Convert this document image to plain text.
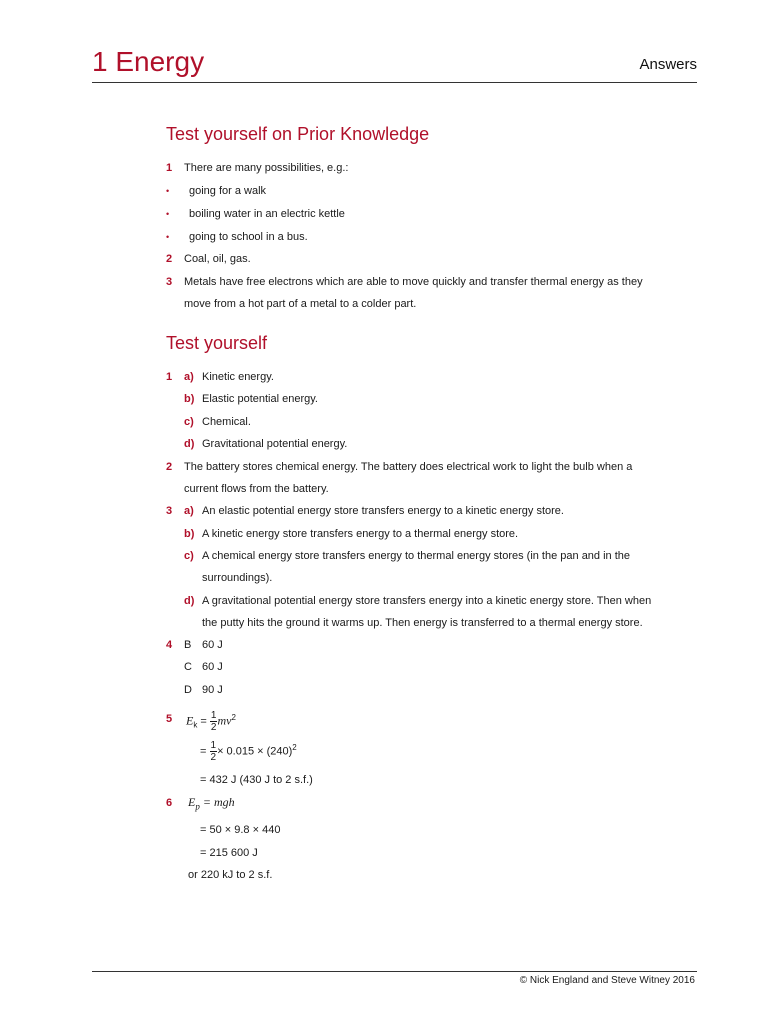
1 Energy	Answers
Test yourself on Prior Knowledge
1 There are many possibilities, e.g.:
• going for a walk
• boiling water in an electric kettle
• going to school in a bus.
2 Coal, oil, gas.
3 Metals have free electrons which are able to move quickly and transfer thermal energy as they
move from a hot part of a metal to a colder part.
Test yourself
1 a) Kinetic energy.
b) Elastic potential energy.
c) Chemical.
d) Gravitational potential energy.
2 The battery stores chemical energy. The battery does electrical work to light the bulb when a
current flows from the battery.
3 a) An elastic potential energy store transfers energy to a kinetic energy store.
b) A kinetic energy store transfers energy to a thermal energy store.
c) A chemical energy store transfers energy to thermal energy stores (in the pan and in the
surroundings).
d) A gravitational potential energy store transfers energy into a kinetic energy store. Then when
the putty hits the ground it warms up. Then energy is transferred to a thermal energy store.
4 B 60 J
C 60 J
D 90 J
5 $E_k = \frac{1}{2} mv^2$
= $\frac{1}{2} \times 0.015 \times (240)^2$
= 432 J (430 J to 2 s.f.)
6 $E_p$ = mgh
= 50 × 9.8 × 440
= 215 600 J
or 220 kJ to 2 s.f.
© Nick England and Steve Witney 2016
